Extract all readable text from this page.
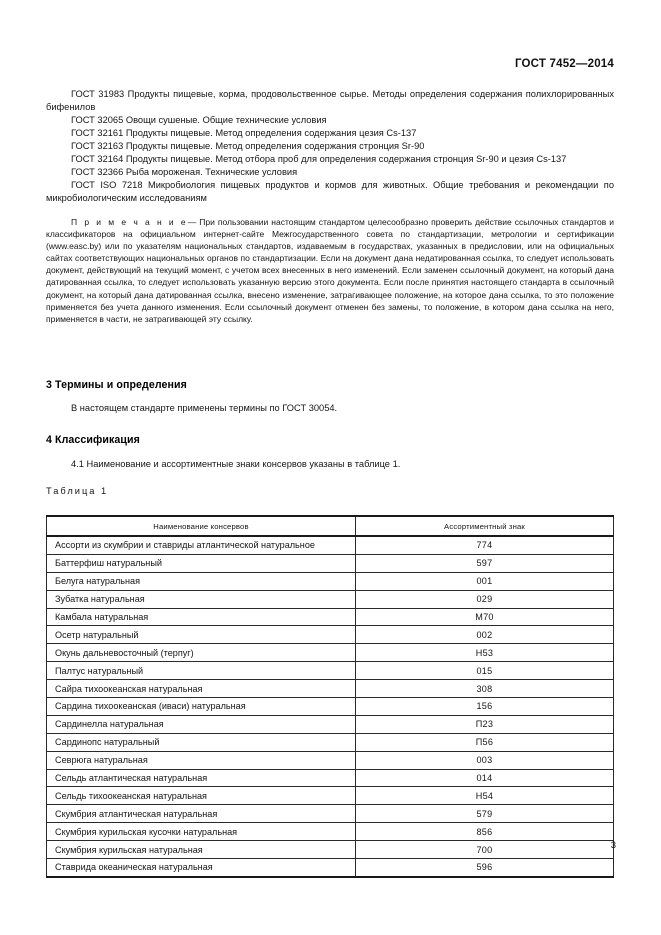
ГОСТ 7452—2014

ГОСТ 31983 Продукты пищевые, корма, продовольственное сырье. Методы определения содержания полихлорированных бифенилов

ГОСТ 32065 Овощи сушеные. Общие технические условия

ГОСТ 32161 Продукты пищевые. Метод определения содержания цезия Cs-137

ГОСТ 32163 Продукты пищевые. Метод определения содержания стронция Sr-90

ГОСТ 32164 Продукты пищевые. Метод отбора проб для определения содержания стронция Sr-90 и цезия Cs-137

ГОСТ 32366 Рыба мороженая. Технические условия

ГОСТ ISO 7218 Микробиология пищевых продуктов и кормов для животных. Общие требования и рекомендации по микробиологическим исследованиям

П р и м е ч а н и е— При пользовании настоящим стандартом целесообразно проверить действие ссылочных стандартов и классификаторов на официальном интернет-сайте Межгосударственного совета по стандартизации, метрологии и сертификации (www.easc.by) или по указателям национальных стандартов, издаваемым в государствах, указанных в предисловии, или на официальных сайтах соответствующих национальных органов по стандартизации. Если на документ дана недатированная ссылка, то следует использовать документ, действующий на текущий момент, с учетом всех внесенных в него изменений. Если заменен ссылочный документ, на который дана датированная ссылка, то следует использовать указанную версию этого документа. Если после принятия настоящего стандарта в ссылочный документ, на который дана датированная ссылка, внесено изменение, затрагивающее положение, на которое дана ссылка, то это положение применяется без учета данного изменения. Если ссылочный документ отменен без замены, то положение, в котором дана ссылка на него, применяется в части, не затрагивающей эту ссылку.

3 Термины и определения

В настоящем стандарте применены термины по ГОСТ 30054.

4 Классификация

4.1 Наименование и ассортиментные знаки консервов указаны в таблице 1.

Таблица 1
Наименование консервов	Ассортиментный знак
Ассорти из скумбрии и ставриды атлантической натуральное	774
Баттерфиш натуральный	597
Белуга натуральная	001
Зубатка натуральная	029
Камбала натуральная	М70
Осетр натуральный	002
Окунь дальневосточный (терпуг)	Н53
Палтус натуральный	015
Сайра тихоокеанская натуральная	308
Сардина тихоокеанская (иваси) натуральная	156
Сардинелла натуральная	П23
Сардинопс натуральный	П56
Севрюга натуральная	003
Сельдь атлантическая натуральная	014
Сельдь тихоокеанская натуральная	Н54
Скумбрия атлантическая натуральная	579
Скумбрия курильская кусочки натуральная	856
Скумбрия курильская натуральная	700
Ставрида океаническая натуральная	596
3
